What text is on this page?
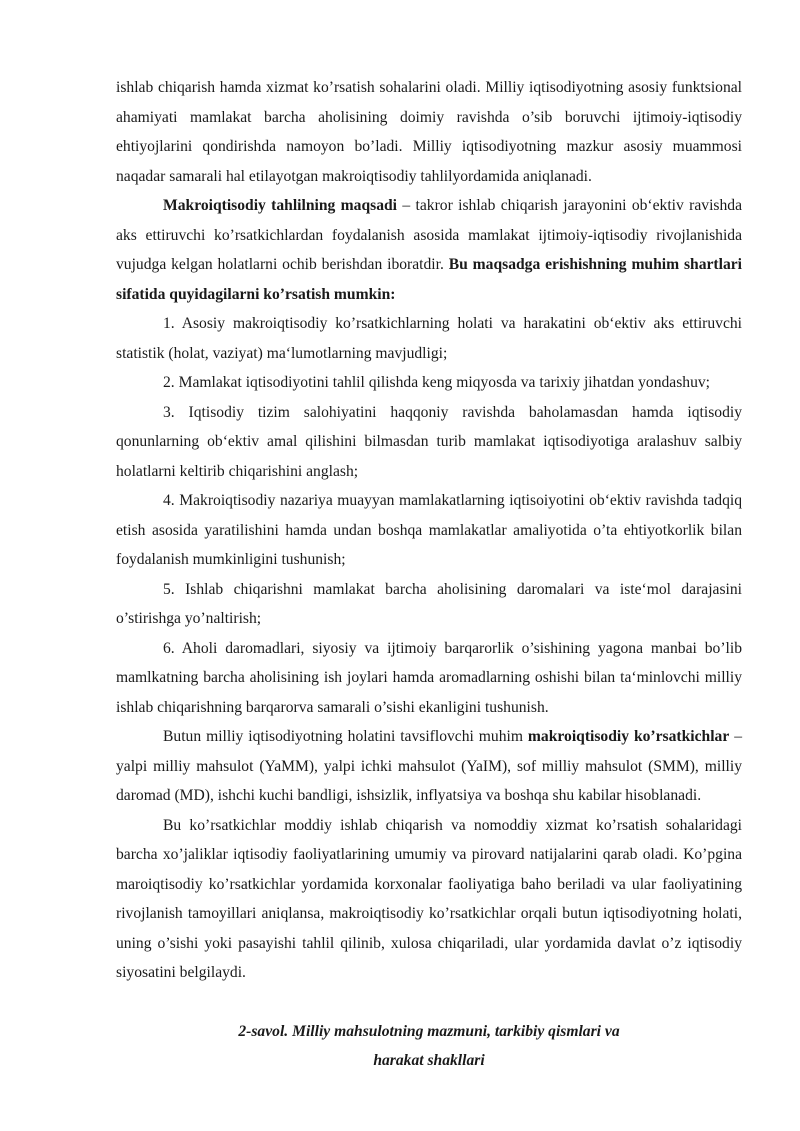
ishlab chiqarish hamda xizmat ko’rsatish sohalarini oladi. Milliy iqtisodiyotning asosiy funktsional ahamiyati mamlakat barcha aholisining doimiy ravishda o’sib boruvchi ijtimoiy-iqtisodiy ehtiyojlarini qondirishda namoyon bo’ladi. Milliy iqtisodiyotning mazkur asosiy muammosi naqadar samarali hal etilayotgan makroiqtisodiy tahlilyordamida aniqlanadi.

Makroiqtisodiy tahlilning maqsadi – takror ishlab chiqarish jarayonini ob‘ektiv ravishda aks ettiruvchi ko’rsatkichlardan foydalanish asosida mamlakat ijtimoiy-iqtisodiy rivojlanishida vujudga kelgan holatlarni ochib berishdan iboratdir. Bu maqsadga erishishning muhim shartlari sifatida quyidagilarni ko’rsatish mumkin:

1. Asosiy makroiqtisodiy ko’rsatkichlarning holati va harakatini ob‘ektiv aks ettiruvchi statistik (holat, vaziyat) ma‘lumotlarning mavjudligi;

2. Mamlakat iqtisodiyotini tahlil qilishda keng miqyosda va tarixiy jihatdan yondashuv;

3. Iqtisodiy tizim salohiyatini haqqoniy ravishda baholamasdan hamda iqtisodiy qonunlarning ob‘ektiv amal qilishini bilmasdan turib mamlakat iqtisodiyotiga aralashuv salbiy holatlarni keltirib chiqarishini anglash;

4. Makroiqtisodiy nazariya muayyan mamlakatlarning iqtisoiyotini ob‘ektiv ravishda tadqiq etish asosida yaratilishini hamda undan boshqa mamlakatlar amaliyotida o’ta ehtiyotkorlik bilan foydalanish mumkinligini tushunish;

5. Ishlab chiqarishni mamlakat barcha aholisining daromalari va iste‘mol darajasini o’stirishga yo’naltirish;

6. Aholi daromadlari, siyosiy va ijtimoiy barqarorlik o’sishining yagona manbai bo’lib mamlkatning barcha aholisining ish joylari hamda aromadlarning oshishi bilan ta‘minlovchi milliy ishlab chiqarishning barqarorva samarali o’sishi ekanligini tushunish.

Butun milliy iqtisodiyotning holatini tavsiflovchi muhim makroiqtisodiy ko’rsatkichlar – yalpi milliy mahsulot (YaMM), yalpi ichki mahsulot (YaIM), sof milliy mahsulot (SMM), milliy daromad (MD), ishchi kuchi bandligi, ishsizlik, inflyatsiya va boshqa shu kabilar hisoblanadi.

Bu ko’rsatkichlar moddiy ishlab chiqarish va nomoddiy xizmat ko’rsatish sohalaridagi barcha xo’jaliklar iqtisodiy faoliyatlarining umumiy va pirovard natijalarini qarab oladi. Ko’pgina maroiqtisodiy ko’rsatkichlar yordamida korxonalar faoliyatiga baho beriladi va ular faoliyatining rivojlanish tamoyillari aniqlansa, makroiqtisodiy ko’rsatkichlar orqali butun iqtisodiyotning holati, uning o’sishi yoki pasayishi tahlil qilinib, xulosa chiqariladi, ular yordamida davlat o’z iqtisodiy siyosatini belgilaydi.

2-savol. Milliy mahsulotning mazmuni, tarkibiy qismlari va
harakat shakllari
